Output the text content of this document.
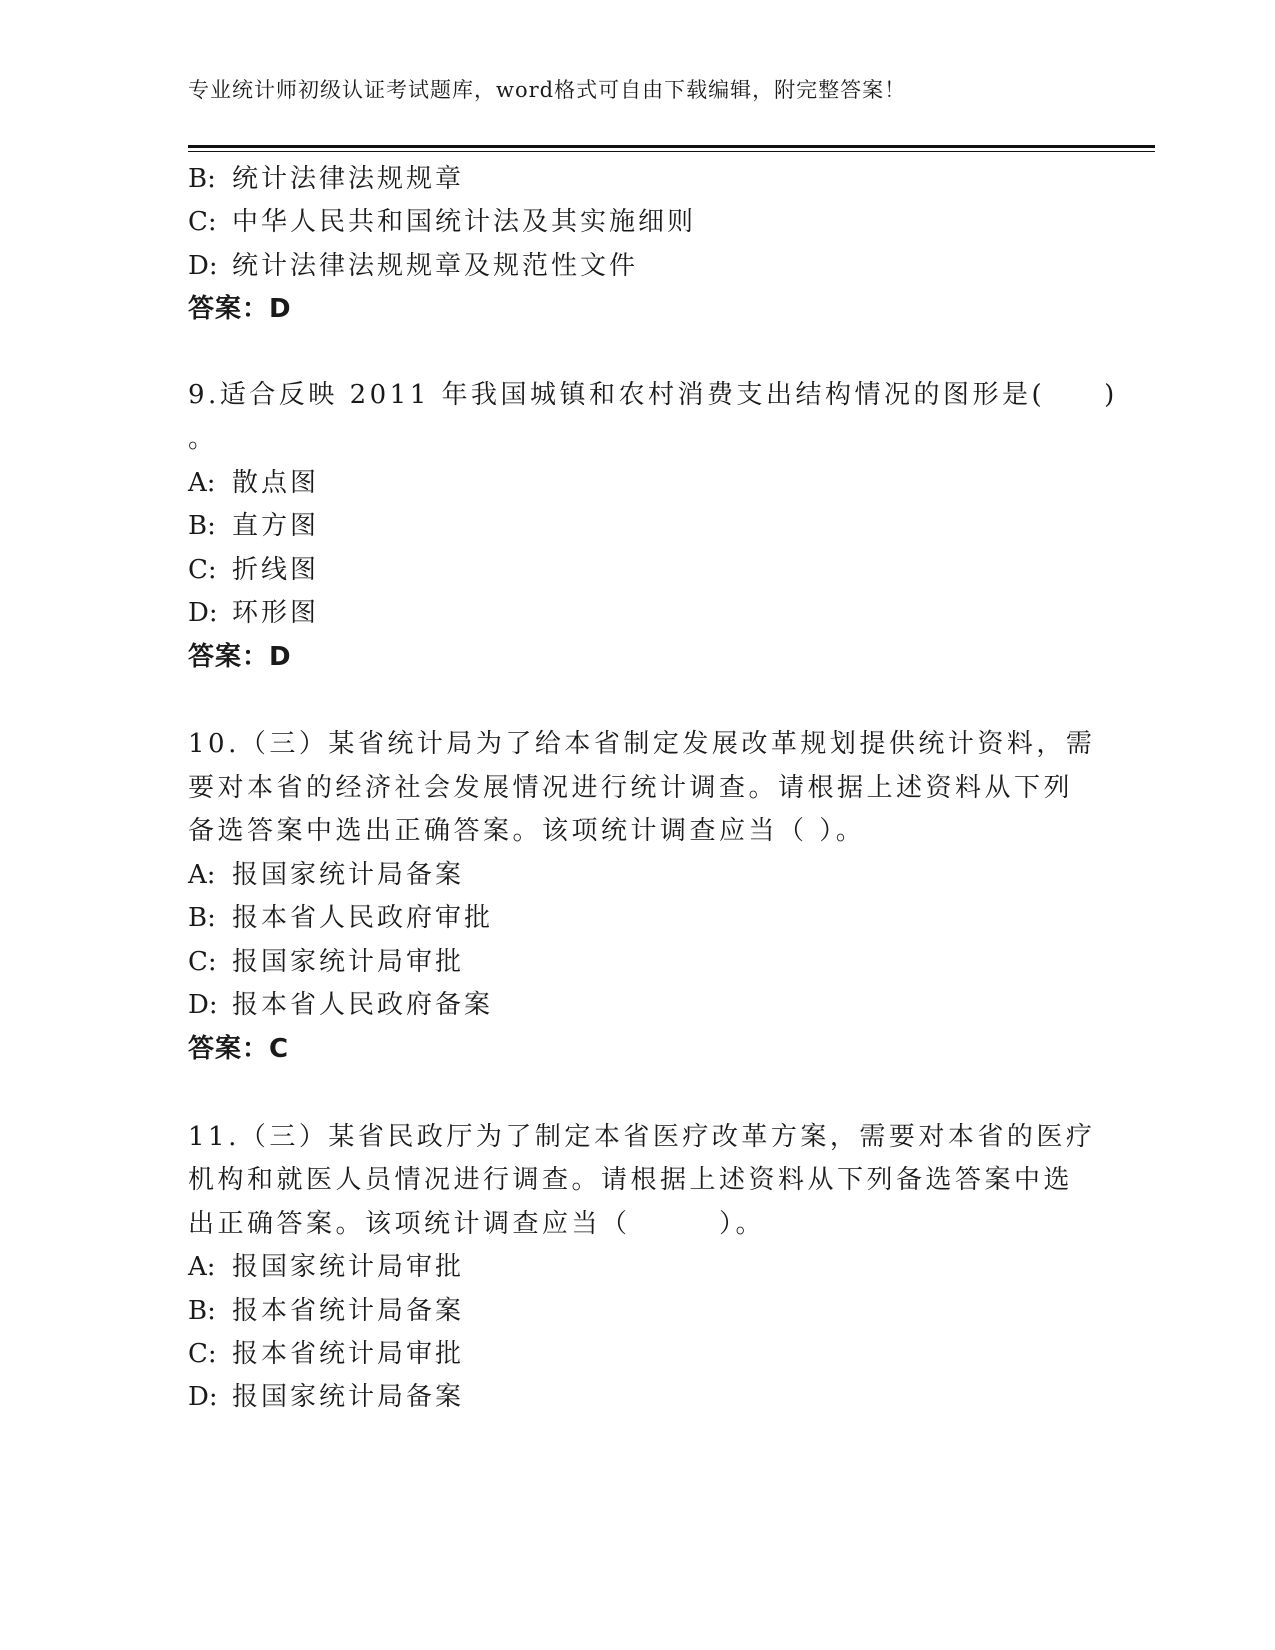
专业统计师初级认证考试题库，word格式可自由下载编辑，附完整答案！
B: 统计法律法规规章
C: 中华人民共和国统计法及其实施细则
D: 统计法律法规规章及规范性文件
答案：D
9.适合反映 2011 年我国城镇和农村消费支出结构情况的图形是(　　)
。
A: 散点图
B: 直方图
C: 折线图
D: 环形图
答案：D
10.（三）某省统计局为了给本省制定发展改革规划提供统计资料，需
要对本省的经济社会发展情况进行统计调查。请根据上述资料从下列
备选答案中选出正确答案。该项统计调查应当（ ）。
A: 报国家统计局备案
B: 报本省人民政府审批
C: 报国家统计局审批
D: 报本省人民政府备案
答案：C
11.（三）某省民政厅为了制定本省医疗改革方案，需要对本省的医疗
机构和就医人员情况进行调查。请根据上述资料从下列备选答案中选
出正确答案。该项统计调查应当（　　　）。
A: 报国家统计局审批
B: 报本省统计局备案
C: 报本省统计局审批
D: 报国家统计局备案
